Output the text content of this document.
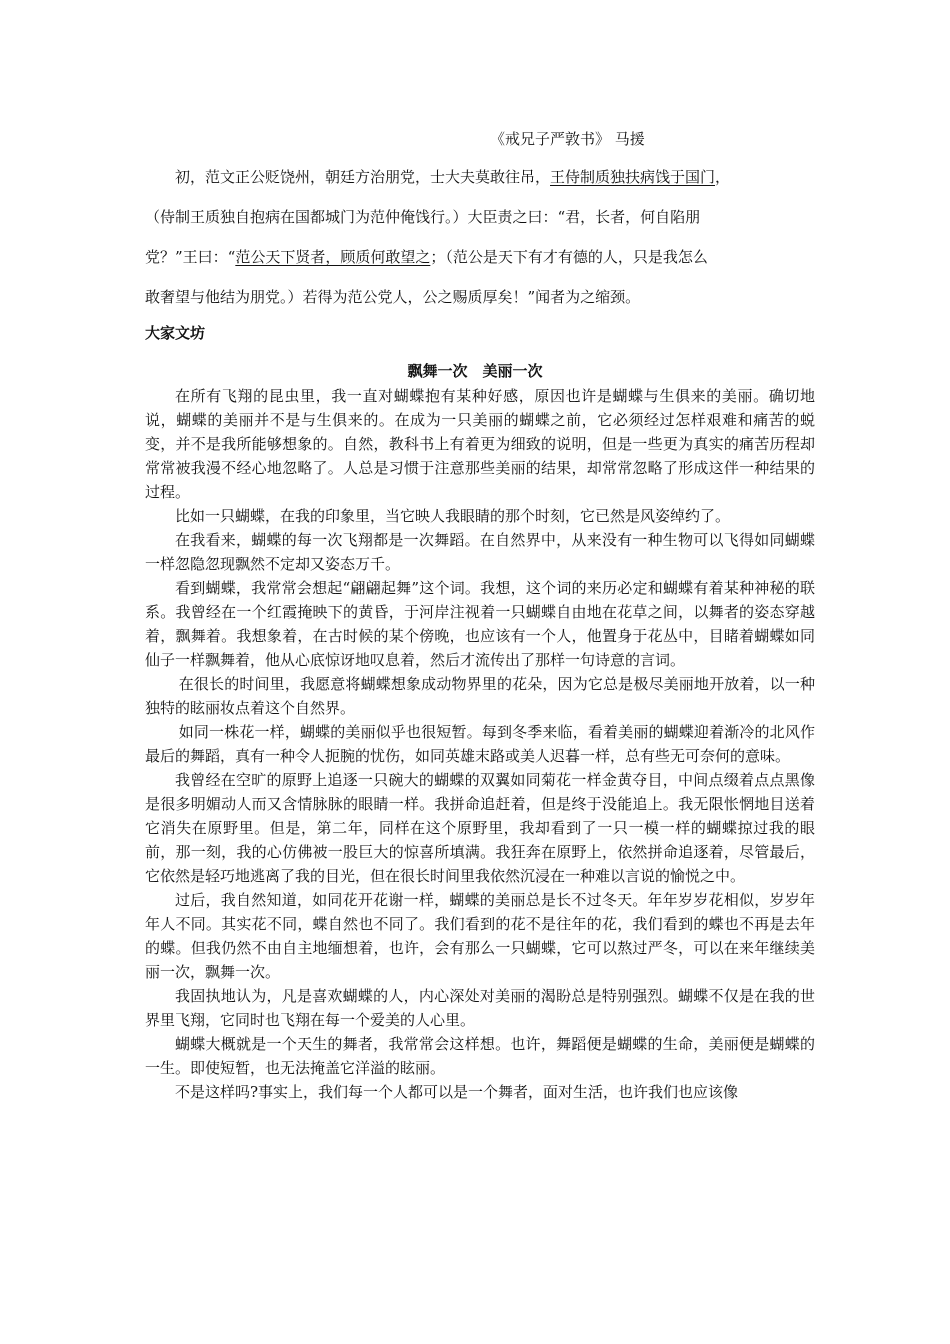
《戒兄子严敦书》 马援

初，范文正公贬饶州，朝廷方治朋党，士大夫莫敢往吊，王侍制质独扶病饯于国门，

（侍制王质独自抱病在国都城门为范仲俺饯行。）大臣责之曰：“君，长者，何自陷朋

党？”王曰：“范公天下贤者，顾质何敢望之；（范公是天下有才有德的人，只是我怎么

敢奢望与他结为朋党。）若得为范公党人，公之赐质厚矣！”闻者为之缩颈。

大家文坊
飘舞一次　美丽一次

在所有飞翔的昆虫里，我一直对蝴蝶抱有某种好感，原因也许是蝴蝶与生俱来的美丽。确切地说，蝴蝶的美丽并不是与生俱来的。在成为一只美丽的蝴蝶之前，它必须经过怎样艰难和痛苦的蜕变，并不是我所能够想象的。自然，教科书上有着更为细致的说明，但是一些更为真实的痛苦历程却常常被我漫不经心地忽略了。人总是习惯于注意那些美丽的结果，却常常忽略了形成这伴一种结果的过程。

比如一只蝴蝶，在我的印象里，当它映人我眼睛的那个时刻，它已然是风姿绰约了。

在我看来，蝴蝶的每一次飞翔都是一次舞蹈。在自然界中，从来没有一种生物可以飞得如同蝴蝶一样忽隐忽现飘然不定却又姿态万千。

看到蝴蝶，我常常会想起“翩翩起舞”这个词。我想，这个词的来历必定和蝴蝶有着某种神秘的联系。我曾经在一个红霞掩映下的黄昏，于河岸注视着一只蝴蝶自由地在花草之间，以舞者的姿态穿越着，飘舞着。我想象着，在古时候的某个傍晚，也应该有一个人，他置身于花丛中，目睹着蝴蝶如同仙子一样飘舞着，他从心底惊讶地叹息着，然后才流传出了那样一句诗意的言词。

在很长的时间里，我愿意将蝴蝶想象成动物界里的花朵，因为它总是极尽美丽地开放着，以一种独特的眩丽妆点着这个自然界。

如同一株花一样，蝴蝶的美丽似乎也很短暂。每到冬季来临，看着美丽的蝴蝶迎着渐冷的北风作最后的舞蹈，真有一种令人扼腕的忧伤，如同英雄末路或美人迟暮一样，总有些无可奈何的意味。

我曾经在空旷的原野上追逐一只碗大的蝴蝶的双翼如同菊花一样金黄夺目，中间点缀着点点黑像是很多明媚动人而又含情脉脉的眼睛一样。我拼命追赶着，但是终于没能追上。我无限怅惘地目送着它消失在原野里。但是，第二年，同样在这个原野里，我却看到了一只一模一样的蝴蝶掠过我的眼前，那一刻，我的心仿佛被一股巨大的惊喜所填满。我狂奔在原野上，依然拼命追逐着，尽管最后，它依然是轻巧地逃离了我的目光，但在很长时间里我依然沉浸在一种难以言说的愉悦之中。

过后，我自然知道，如同花开花谢一样，蝴蝶的美丽总是长不过冬天。年年岁岁花相似，岁岁年年人不同。其实花不同，蝶自然也不同了。我们看到的花不是往年的花，我们看到的蝶也不再是去年的蝶。但我仍然不由自主地缅想着，也许，会有那么一只蝴蝶，它可以熬过严冬，可以在来年继续美丽一次，飘舞一次。

我固执地认为，凡是喜欢蝴蝶的人，内心深处对美丽的渴盼总是特别强烈。蝴蝶不仅是在我的世界里飞翔，它同时也飞翔在每一个爱美的人心里。

蝴蝶大概就是一个天生的舞者，我常常会这样想。也许，舞蹈便是蝴蝶的生命，美丽便是蝴蝶的一生。即使短暂，也无法掩盖它洋溢的眩丽。

不是这样吗?事实上，我们每一个人都可以是一个舞者，面对生活，也许我们也应该像
